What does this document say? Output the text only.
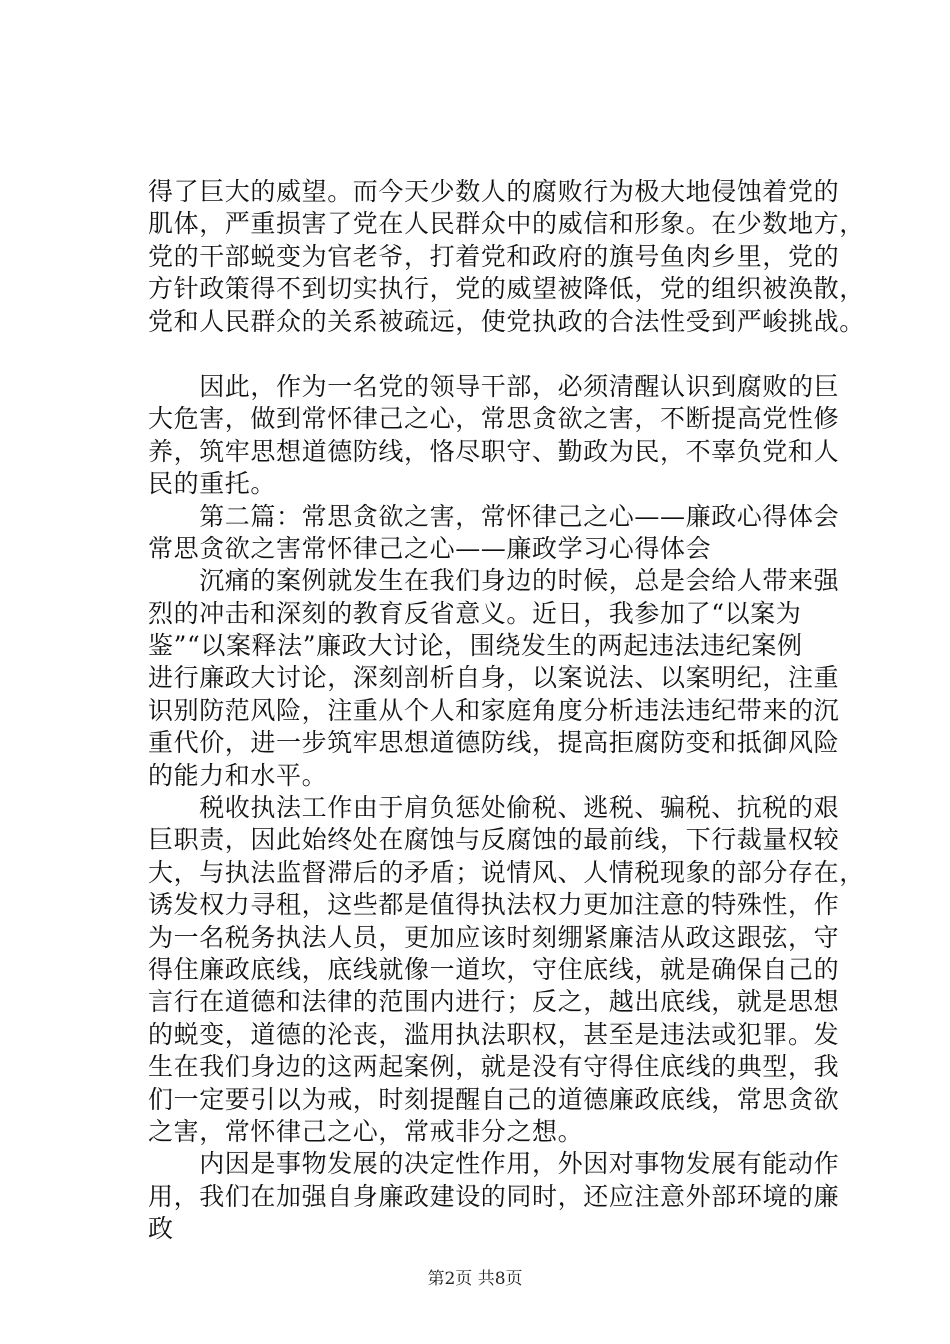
得了巨大的威望。而今天少数人的腐败行为极大地侵蚀着党的
肌体，严重损害了党在人民群众中的威信和形象。在少数地方，
党的干部蜕变为官老爷，打着党和政府的旗号鱼肉乡里，党的
方针政策得不到切实执行，党的威望被降低，党的组织被涣散，
党和人民群众的关系被疏远，使党执政的合法性受到严峻挑战。
　　因此，作为一名党的领导干部，必须清醒认识到腐败的巨
大危害，做到常怀律己之心，常思贪欲之害，不断提高党性修
养，筑牢思想道德防线，恪尽职守、勤政为民，不辜负党和人
民的重托。
　　第二篇：常思贪欲之害，常怀律己之心——廉政心得体会
常思贪欲之害常怀律己之心——廉政学习心得体会
　　沉痛的案例就发生在我们身边的时候，总是会给人带来强
烈的冲击和深刻的教育反省意义。近日，我参加了“以案为
鉴”“以案释法”廉政大讨论，围绕发生的两起违法违纪案例
进行廉政大讨论，深刻剖析自身，以案说法、以案明纪，注重
识别防范风险，注重从个人和家庭角度分析违法违纪带来的沉
重代价，进一步筑牢思想道德防线，提高拒腐防变和抵御风险
的能力和水平。
　　税收执法工作由于肩负惩处偷税、逃税、骗税、抗税的艰
巨职责，因此始终处在腐蚀与反腐蚀的最前线，下行裁量权较
大，与执法监督滞后的矛盾；说情风、人情税现象的部分存在，
诱发权力寻租，这些都是值得执法权力更加注意的特殊性，作
为一名税务执法人员，更加应该时刻绷紧廉洁从政这跟弦，守
得住廉政底线，底线就像一道坎，守住底线，就是确保自己的
言行在道德和法律的范围内进行；反之，越出底线，就是思想
的蜕变，道德的沦丧，滥用执法职权，甚至是违法或犯罪。发
生在我们身边的这两起案例，就是没有守得住底线的典型，我
们一定要引以为戒，时刻提醒自己的道德廉政底线，常思贪欲
之害，常怀律己之心，常戒非分之想。
　　内因是事物发展的决定性作用，外因对事物发展有能动作
用，我们在加强自身廉政建设的同时，还应注意外部环境的廉
政
第2页 共8页
